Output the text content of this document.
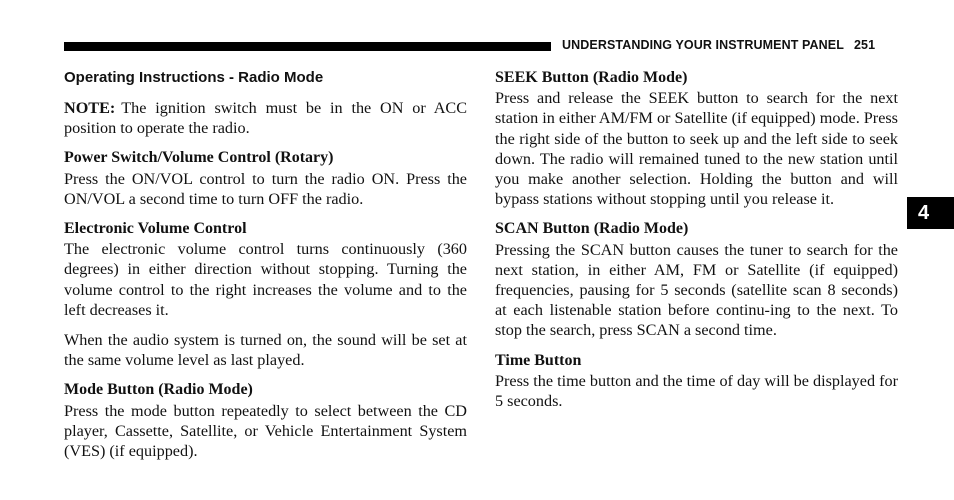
UNDERSTANDING YOUR INSTRUMENT PANEL 251
4
Operating Instructions - Radio Mode

NOTE: The ignition switch must be in the ON or ACC position to operate the radio.

Power Switch/Volume Control (Rotary)

Press the ON/VOL control to turn the radio ON. Press the ON/VOL a second time to turn OFF the radio.

Electronic Volume Control

The electronic volume control turns continuously (360 degrees) in either direction without stopping. Turning the volume control to the right increases the volume and to the left decreases it.

When the audio system is turned on, the sound will be set at the same volume level as last played.

Mode Button (Radio Mode)

Press the mode button repeatedly to select between the CD player, Cassette, Satellite, or Vehicle Entertainment System (VES) (if equipped).

SEEK Button (Radio Mode)

Press and release the SEEK button to search for the next station in either AM/FM or Satellite (if equipped) mode. Press the right side of the button to seek up and the left side to seek down. The radio will remained tuned to the new station until you make another selection. Holding the button and will bypass stations without stopping until you release it.

SCAN Button (Radio Mode)

Pressing the SCAN button causes the tuner to search for the next station, in either AM, FM or Satellite (if equipped) frequencies, pausing for 5 seconds (satellite scan 8 seconds) at each listenable station before continu-ing to the next. To stop the search, press SCAN a second time.

Time Button

Press the time button and the time of day will be displayed for 5 seconds.
